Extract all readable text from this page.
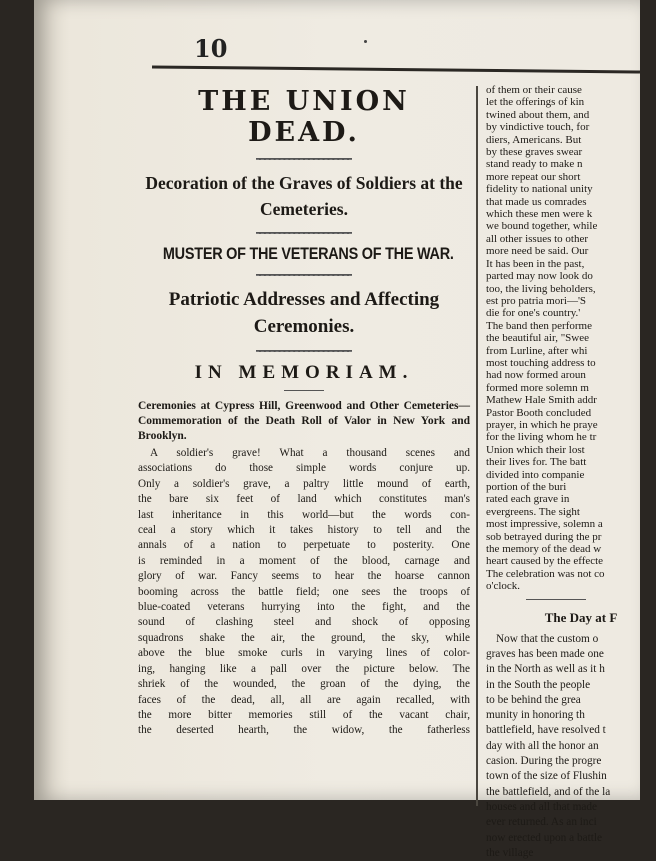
10
THE UNION DEAD.
Decoration of the Graves of Soldiers at the Cemeteries.
MUSTER OF THE VETERANS OF THE WAR.
Patriotic Addresses and Affecting Ceremonies.
IN MEMORIAM.
Ceremonies at Cypress Hill, Greenwood and Other Cemeteries—Commemoration of the Death Roll of Valor in New York and Brooklyn.
A soldier's grave! What a thousand scenes and
associations do those simple words conjure up.
Only a soldier's grave, a paltry little mound of earth,
the bare six feet of land which constitutes man's
last inheritance in this world—but the words con-
ceal a story which it takes history to tell and the
annals of a nation to perpetuate to posterity. One
is reminded in a moment of the blood, carnage and
glory of war. Fancy seems to hear the hoarse cannon
booming across the battle field; one sees the troops of
blue-coated veterans hurrying into the fight, and the
sound of clashing steel and shock of opposing
squadrons shake the air, the ground, the sky, while
above the blue smoke curls in varying lines of color-
ing, hanging like a pall over the picture below. The
shriek of the wounded, the groan of the dying, the
faces of the dead, all, all are again recalled, with
the more bitter memories still of the vacant chair,
the deserted hearth, the widow, the fatherless
of them or their cause
let the offerings of kin
twined about them, and
by vindictive touch, for
diers, Americans. But
by these graves swear
stand ready to make n
more repeat our short
fidelity to national unity
that made us comrades
which these men were k
we bound together, while
all other issues to other
more need be said. Our
It has been in the past,
parted may now look do
too, the living beholders,
est pro patria mori—'S
die for one's country.'
The band then performe
the beautiful air, "Swee
from Lurline, after whi
most touching address to
had now formed aroun
formed more solemn m
Mathew Hale Smith addr
Pastor Booth concluded
prayer, in which he praye
for the living whom he tr
Union which their lost
their lives for. The batt
divided into companie
portion of the buri
rated each grave in
evergreens. The sight
most impressive, solemn a
sob betrayed during the pr
the memory of the dead w
heart caused by the effecte
The celebration was not co
o'clock.
The Day at F
Now that the custom o
graves has been made one
in the North as well as it h
in the South the people
to be behind the grea
munity in honoring th
battlefield, have resolved t
day with all the honor an
casion. During the progre
town of the size of Flushin
the battlefield, and of the la
houses and all that made
ever returned. As an inci
now erected upon a battle
the village
